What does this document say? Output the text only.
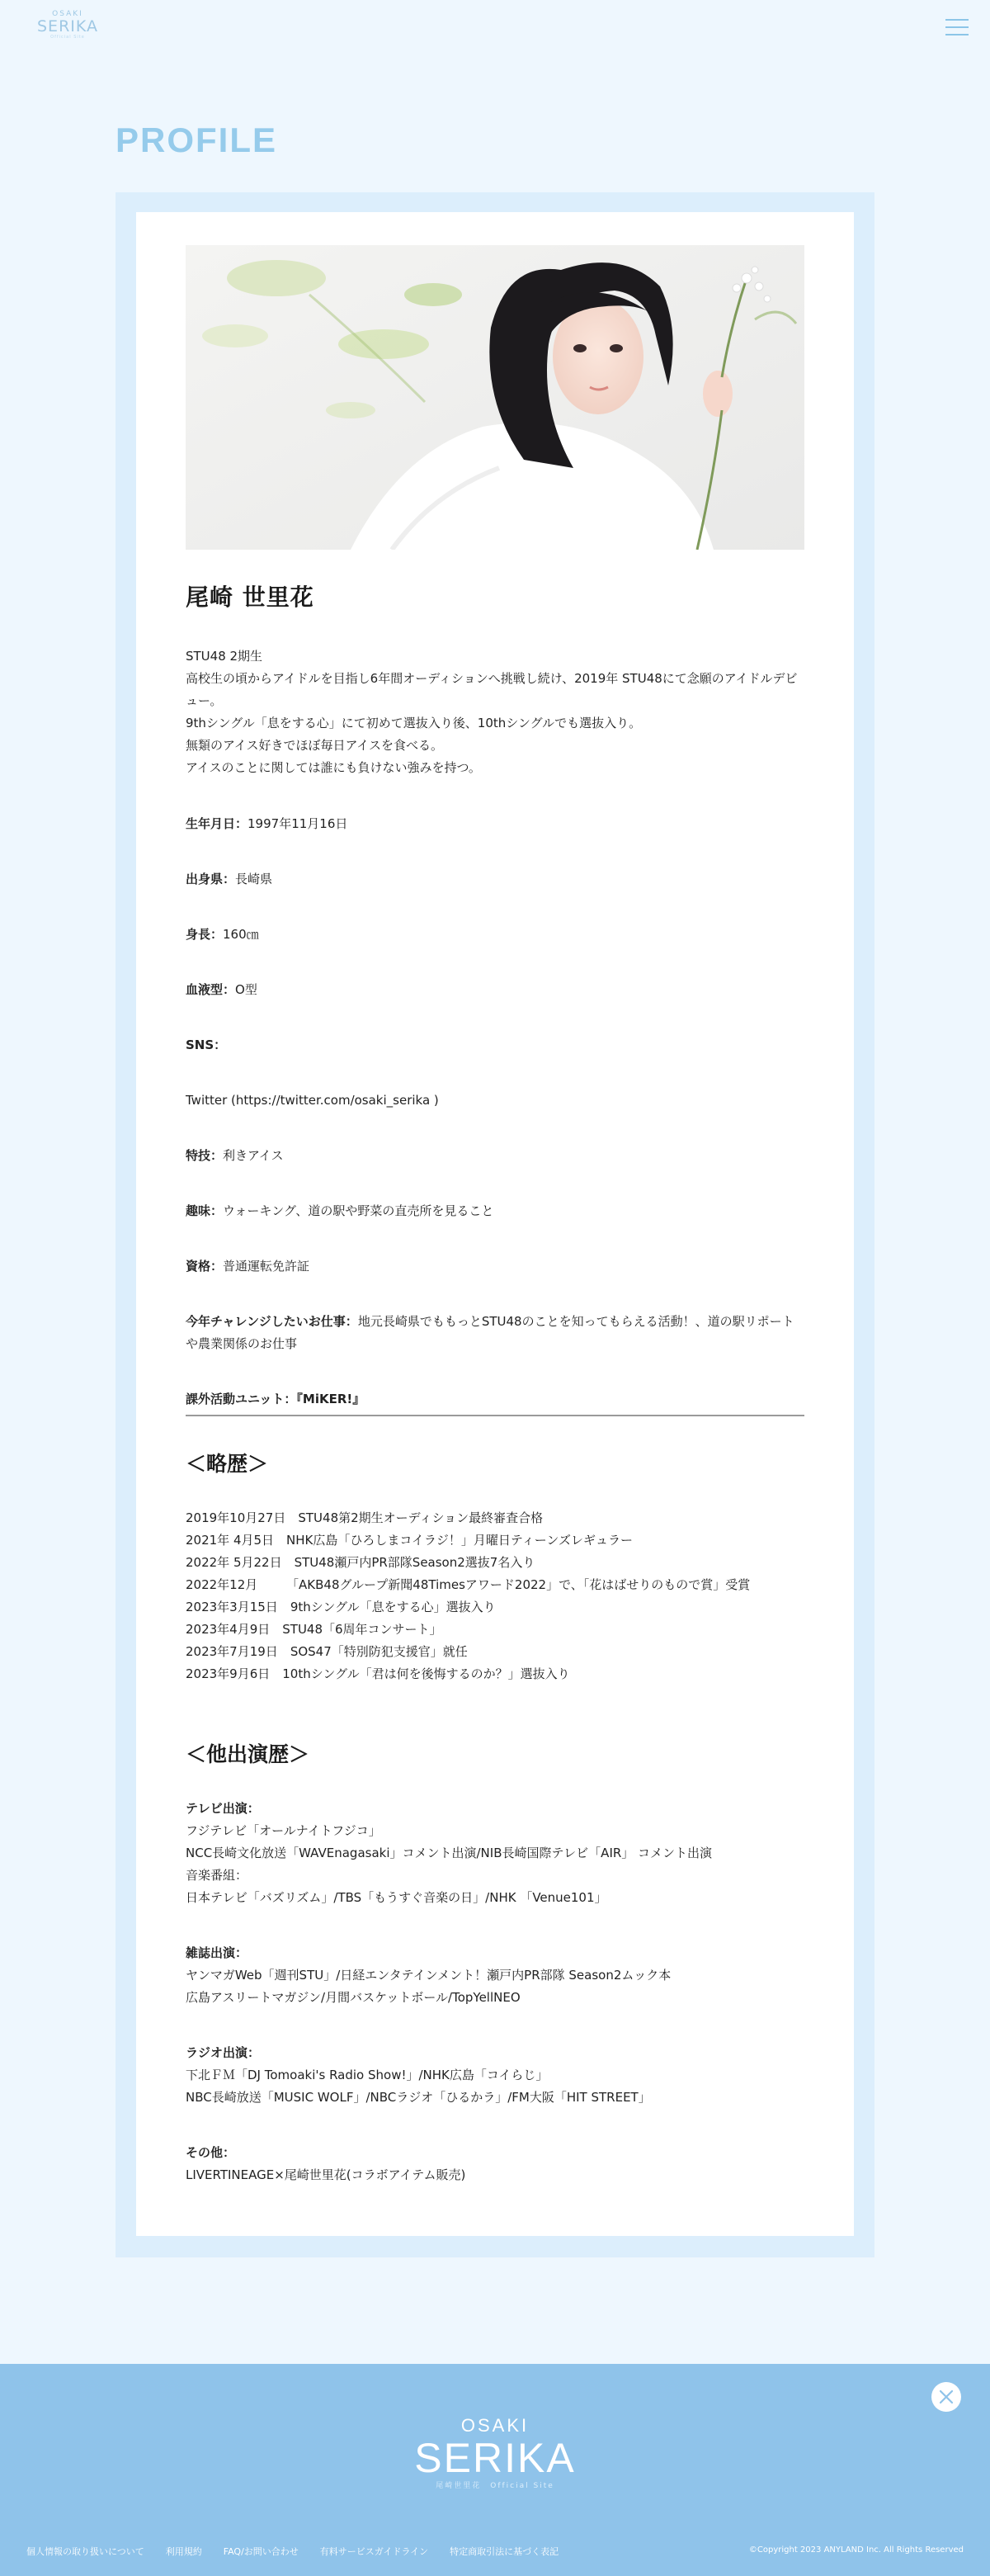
OSAKI
SERIKA
Official Site
PROFILE
尾崎 世里花

STU48 2期生

高校生の頃からアイドルを目指し6年間オーディションへ挑戦し続け、2019年 STU48にて念願のアイドルデビュー。

9thシングル「息をする心」にて初めて選抜入り後、10thシングルでも選抜入り。

無類のアイス好きでほぼ毎日アイスを食べる。

アイスのことに関しては誰にも負けない強みを持つ。

生年月日：1997年11月16日
出身県：長崎県
身長：160㎝
血液型：O型
SNS：
Twitter (https://twitter.com/osaki_serika )
特技：利きアイス
趣味：ウォーキング、道の駅や野菜の直売所を見ること
資格：普通運転免許証
今年チャレンジしたいお仕事：地元長崎県でももっとSTU48のことを知ってもらえる活動！、道の駅リポートや農業関係のお仕事
課外活動ユニット：『MiKER!』
＜略歴＞
2019年10月27日　 STU48第2期生オーディション最終審査合格
2021年 4月5日　 NHK広島「ひろしまコイラジ！」月曜日ティーンズレギュラー
2022年 5月22日　 STU48瀬戸内PR部隊Season2選抜7名入り
2022年12月　 　 「AKB48グループ新聞48Timesアワード2022」で、「花はばせりのもので賞」受賞
2023年3月15日　 9thシングル「息をする心」選抜入り
2023年4月9日　 STU48「6周年コンサート」
2023年7月19日　 SOS47「特別防犯支援官」就任
2023年9月6日　 10thシングル「君は何を後悔するのか？」選抜入り
＜他出演歴＞
テレビ出演：
フジテレビ「オールナイトフジコ」
NCC長崎文化放送「WAVEnagasaki」コメント出演/NIB長崎国際テレビ「AIR」 コメント出演
音楽番組：
日本テレビ「バズリズム」/TBS「もうすぐ音楽の日」/NHK 「Venue101」
雑誌出演：
ヤンマガWeb「週刊STU」/日経エンタテインメント！瀬戸内PR部隊 Season2ムック本
広島アスリートマガジン/月間バスケットボール/TopYellNEO
ラジオ出演：
下北ＦＭ「DJ Tomoaki's Radio Show!」/NHK広島「コイらじ」
NBC長崎放送「MUSIC WOLF」/NBCラジオ「ひるかラ」/FM大阪「HIT STREET」
その他：
LIVERTINEAGE×尾崎世里花(コラボアイテム販売)
OSAKI
SERIKA
尾崎世里花　Official Site
個人情報の取り扱いについて 利用規約 FAQ/お問い合わせ 有料サービスガイドライン 特定商取引法に基づく表記	©Copyright 2023 ANYLAND Inc. All Rights Reserved
